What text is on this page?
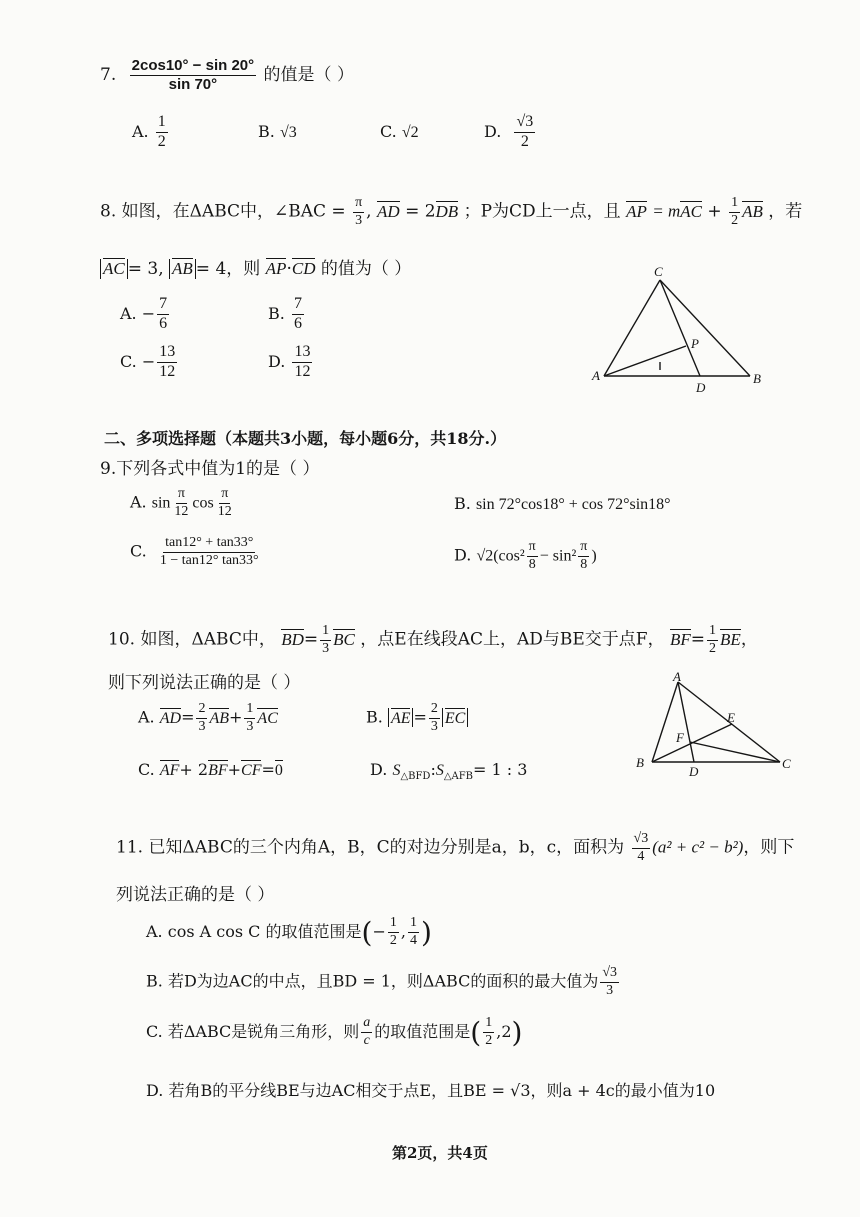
7. $\frac{2\cos 10^\circ - \sin 20^\circ}{\sin 70^\circ}$ 的值是（ ）
A. $\frac{1}{2}$	B. √3	C. √2	D. $\frac{√3}{2}$
8. 如图，在ΔABC中，∠BAC = $\frac{\pi}{3}$ , AD = 2DB ；P为CD上一点，且 AP = mAC + $\frac{1}{2}$ AB ，若
AC = 3, AB = 4，则 AP·CD 的值为（ ）
A. − $\frac{7}{6}$	B. $\frac{7}{6}$
C. − $\frac{13}{12}$	D. $\frac{13}{12}$
C
P
A
D
B
二、多项选择题（本题共3小题，每小题6分，共18分.）
9.下列各式中值为1的是（ ）
A. $\sin \frac{\pi}{12}$ $\cos \frac{\pi}{12}$	B. sin 72°cos18° + cos 72°sin18°
C. $\frac{\tan 12^\circ + \tan 33^\circ}{1 - \tan 12^\circ \tan 33^\circ}$	D. $√2(\cos^2 \frac{\pi}{8} - \sin^2 \frac{\pi}{8}$ )
10. 如图，ΔABC中， $BD= \frac{1}{3}$ BC ，点E在线段AC上，AD与BE交于点F， $BF= \frac{1}{2}$ BE，
则下列说法正确的是（ ）
A. $AD= \frac{2}{3} AB+ \frac{1}{3}$ AC	B. AE = $\frac{2}{3}$ EC
C. AF+ 2BF+CF=0	D. $S_{\triangle BFD}:S_{\triangle AFB}= 1$ : 3
A
E
F
B
D
C
11. 已知ΔABC的三个内角A，B，C的对边分别是a，b，c，面积为 $\frac{√3}{4} (a^2 + c^2 - b^2)$，则下
列说法正确的是（ ）
A. cos A cos C 的取值范围是(− $\frac{1}{2}$ , $\frac{1}{4}$ )
B. 若D为边AC的中点，且BD = 1，则ΔABC的面积的最大值为 $\frac{√3}{3}$
C. 若ΔABC是锐角三角形，则 $\frac{a}{c}$ 的取值范围是( $\frac{1}{2} ,2$)
D. 若角B的平分线BE与边AC相交于点E，且BE = √3，则a + 4c的最小值为10
第2页，共4页
